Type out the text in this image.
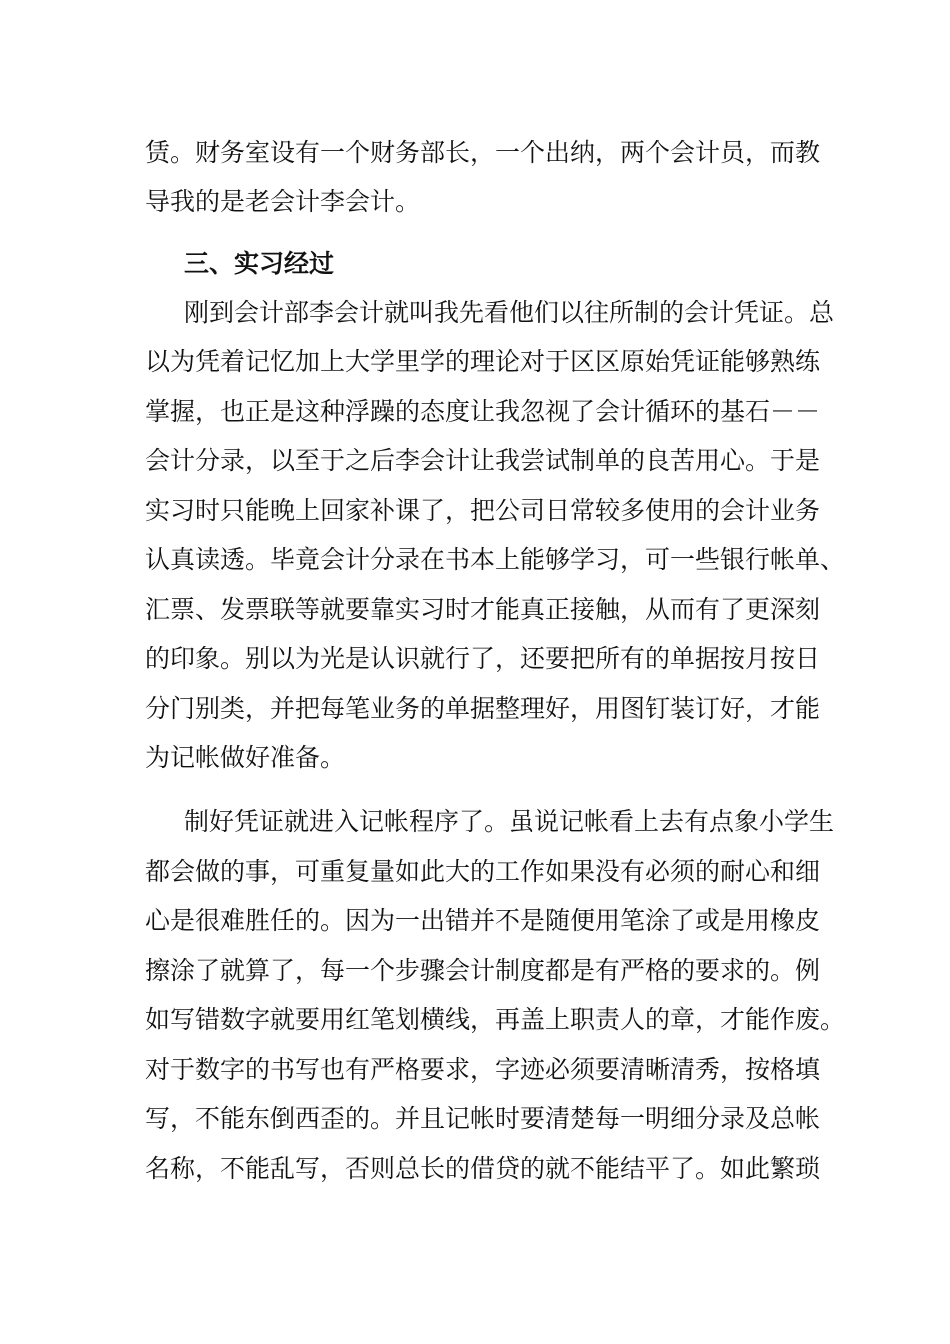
赁。财务室设有一个财务部长，一个出纳，两个会计员，而教
导我的是老会计李会计。
三、实习经过
刚到会计部李会计就叫我先看他们以往所制的会计凭证。总
以为凭着记忆加上大学里学的理论对于区区原始凭证能够熟练
掌握，也正是这种浮躁的态度让我忽视了会计循环的基石－－
会计分录，以至于之后李会计让我尝试制单的良苦用心。于是
实习时只能晚上回家补课了，把公司日常较多使用的会计业务
认真读透。毕竟会计分录在书本上能够学习，可一些银行帐单、
汇票、发票联等就要靠实习时才能真正接触，从而有了更深刻
的印象。别以为光是认识就行了，还要把所有的单据按月按日
分门别类，并把每笔业务的单据整理好，用图钉装订好，才能
为记帐做好准备。
制好凭证就进入记帐程序了。虽说记帐看上去有点象小学生
都会做的事，可重复量如此大的工作如果没有必须的耐心和细
心是很难胜任的。因为一出错并不是随便用笔涂了或是用橡皮
擦涂了就算了，每一个步骤会计制度都是有严格的要求的。例
如写错数字就要用红笔划横线，再盖上职责人的章，才能作废。
对于数字的书写也有严格要求，字迹必须要清晰清秀，按格填
写，不能东倒西歪的。并且记帐时要清楚每一明细分录及总帐
名称，不能乱写，否则总长的借贷的就不能结平了。如此繁琐
